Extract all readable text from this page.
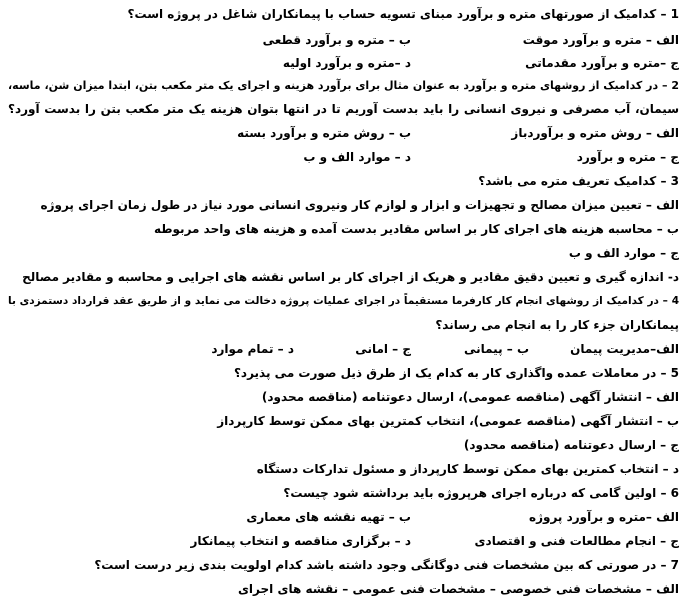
1 – کدامیک از صورتهای متره و برآورد مبنای تسویه حساب با پیمانکاران شاغل در پروژه است؟
الف – متره و برآورد موقت
ب – متره و برآورد قطعی
ج –متره و برآورد مقدماتی
د –متره و برآورد اولیه
2 – در کدامیک از روشهای متره و برآورد به عنوان مثال برای برآورد هزینه و اجرای یک متر مکعب بتن، ابتدا میزان شن، ماسه،
سیمان، آب مصرفی و نیروی انسانی را باید بدست آوریم تا در انتها بتوان هزینه یک متر مکعب بتن را بدست آورد؟
الف – روش متره و برآوردباز
ب – روش متره و برآورد بسته
ج – متره و برآورد
د – موارد الف و ب
3 – کدامیک تعریف متره می باشد؟
الف – تعیین میزان مصالح و تجهیزات و ابزار و لوازم کار ونیروی انسانی مورد نیاز در طول زمان اجرای پروژه
ب – محاسبه هزینه های اجرای کار بر اساس مقادیر بدست آمده و هزینه های واحد مربوطه
ج – موارد الف و ب
د- اندازه گیری و تعیین دقیق مقادیر و هریک از اجرای کار بر اساس نقشه های اجرایی و محاسبه و مقادیر مصالح
4 – در کدامیک از روشهای انجام کار کارفرما مستقیماً در اجرای عملیات پروژه دخالت می نماید و از طریق عقد قرارداد دستمزدی با
پیمانکاران جزء کار را به انجام می رساند؟
الف–مدیریت پیمان
ب – پیمانی
ج – امانی
د – تمام موارد
5 – در معاملات عمده واگذاری کار به کدام یک از طرق ذیل صورت می پذیرد؟
الف – انتشار آگهی (مناقصه عمومی)، ارسال دعوتنامه (مناقصه محدود)
ب – انتشار آگهی (مناقصه عمومی)، انتخاب کمترین بهای ممکن توسط کارپرداز
ج – ارسال دعوتنامه (مناقصه محدود)
د – انتخاب کمترین بهای ممکن توسط کارپرداز و مسئول تدارکات دستگاه
6 – اولین گامی که درباره اجرای هرپروژه باید برداشته شود چیست؟
الف –متره و برآورد پروژه
ب – تهیه نقشه های معماری
ج – انجام مطالعات فنی و اقتصادی
د – برگزاری مناقصه و انتخاب پیمانکار
7 – در صورتی که بین مشخصات فنی دوگانگی وجود داشته باشد کدام اولویت بندی زیر درست است؟
الف – مشخصات فنی خصوصی – مشخصات فنی عمومی – نقشه های اجرای
